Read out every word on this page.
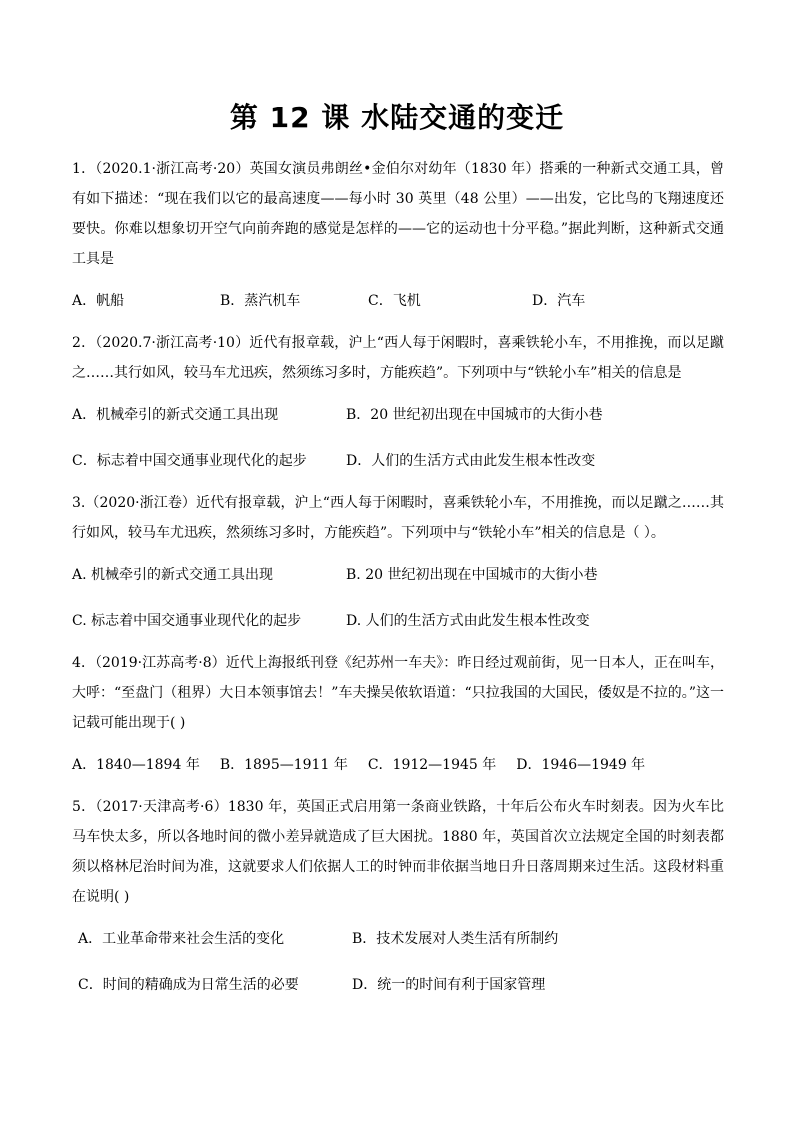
第 12 课 水陆交通的变迁

1．（2020.1·浙江高考·20）英国女演员弗朗丝•金伯尔对幼年（1830 年）搭乘的一种新式交通工具，曾有如下描述：“现在我们以它的最高速度——每小时 30 英里（48 公里）——出发，它比鸟的飞翔速度还要快。你难以想象切开空气向前奔跑的感觉是怎样的——它的运动也十分平稳。”据此判断，这种新式交通工具是

A．帆船	B．蒸汽机车	C．飞机	D．汽车

2．（2020.7·浙江高考·10）近代有报章载，沪上“西人每于闲暇时，喜乘铁轮小车，不用推挽，而以足蹴之……其行如风，较马车尤迅疾，然须练习多时，方能疾趋”。下列项中与“铁轮小车”相关的信息是

A．机械牵引的新式交通工具出现	B．20 世纪初出现在中国城市的大街小巷
C．标志着中国交通事业现代化的起步	D．人们的生活方式由此发生根本性改变

3.（2020·浙江卷）近代有报章载，沪上“西人每于闲暇时，喜乘铁轮小车，不用推挽，而以足蹴之……其行如风，较马车尤迅疾，然须练习多时，方能疾趋”。下列项中与“铁轮小车”相关的信息是（ ）。

A. 机械牵引的新式交通工具出现	B. 20 世纪初出现在中国城市的大街小巷
C. 标志着中国交通事业现代化的起步	D. 人们的生活方式由此发生根本性改变

4．（2019·江苏高考·8）近代上海报纸刊登《纪苏州一车夫》：昨日经过观前街，见一日本人，正在叫车，大呼：“至盘门（租界）大日本领事馆去！”车夫操吴侬软语道：“只拉我国的大国民，倭奴是不拉的。”这一记载可能出现于( )

A．1840—1894 年 B．1895—1911 年 C．1912—1945 年 D．1946—1949 年

5．（2017·天津高考·6）1830 年，英国正式启用第一条商业铁路，十年后公布火车时刻表。因为火车比马车快太多，所以各地时间的微小差异就造成了巨大困扰。1880 年，英国首次立法规定全国的时刻表都须以格林尼治时间为准，这就要求人们依据人工的时钟而非依据当地日升日落周期来过生活。这段材料重在说明( )

A．工业革命带来社会生活的变化	B．技术发展对人类生活有所制约
C．时间的精确成为日常生活的必要	D．统一的时间有利于国家管理
